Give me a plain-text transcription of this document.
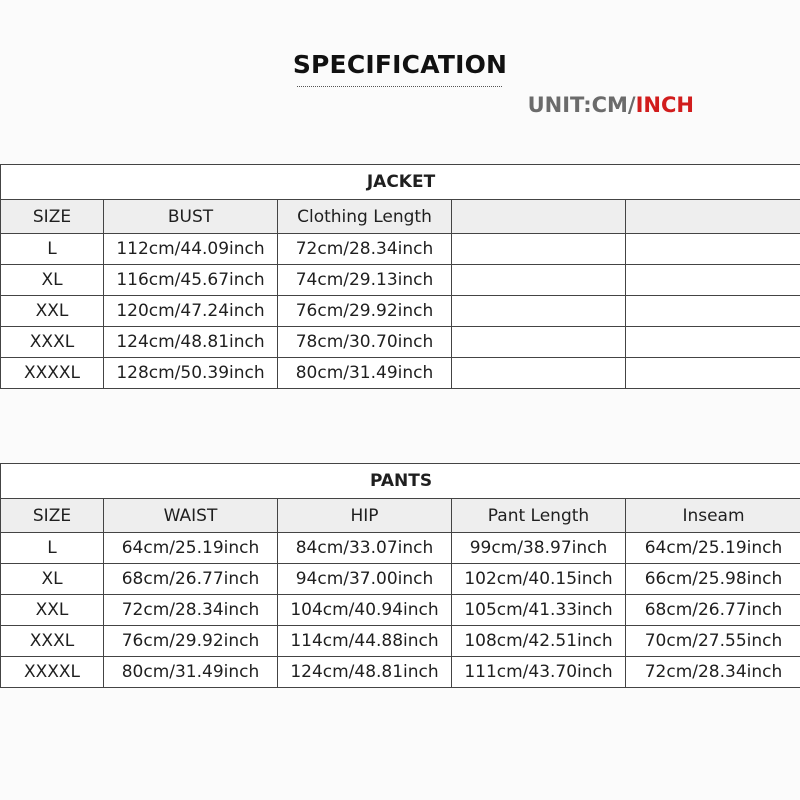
SPECIFICATION
UNIT:CM/INCH
JACKET				
SIZE	BUST	Clothing Length		
L	112cm/44.09inch	72cm/28.34inch		
XL	116cm/45.67inch	74cm/29.13inch		
XXL	120cm/47.24inch	76cm/29.92inch		
XXXL	124cm/48.81inch	78cm/30.70inch		
XXXXL	128cm/50.39inch	80cm/31.49inch		
PANTS				
SIZE	WAIST	HIP	Pant Length	Inseam
L	64cm/25.19inch	84cm/33.07inch	99cm/38.97inch	64cm/25.19inch
XL	68cm/26.77inch	94cm/37.00inch	102cm/40.15inch	66cm/25.98inch
XXL	72cm/28.34inch	104cm/40.94inch	105cm/41.33inch	68cm/26.77inch
XXXL	76cm/29.92inch	114cm/44.88inch	108cm/42.51inch	70cm/27.55inch
XXXXL	80cm/31.49inch	124cm/48.81inch	111cm/43.70inch	72cm/28.34inch
